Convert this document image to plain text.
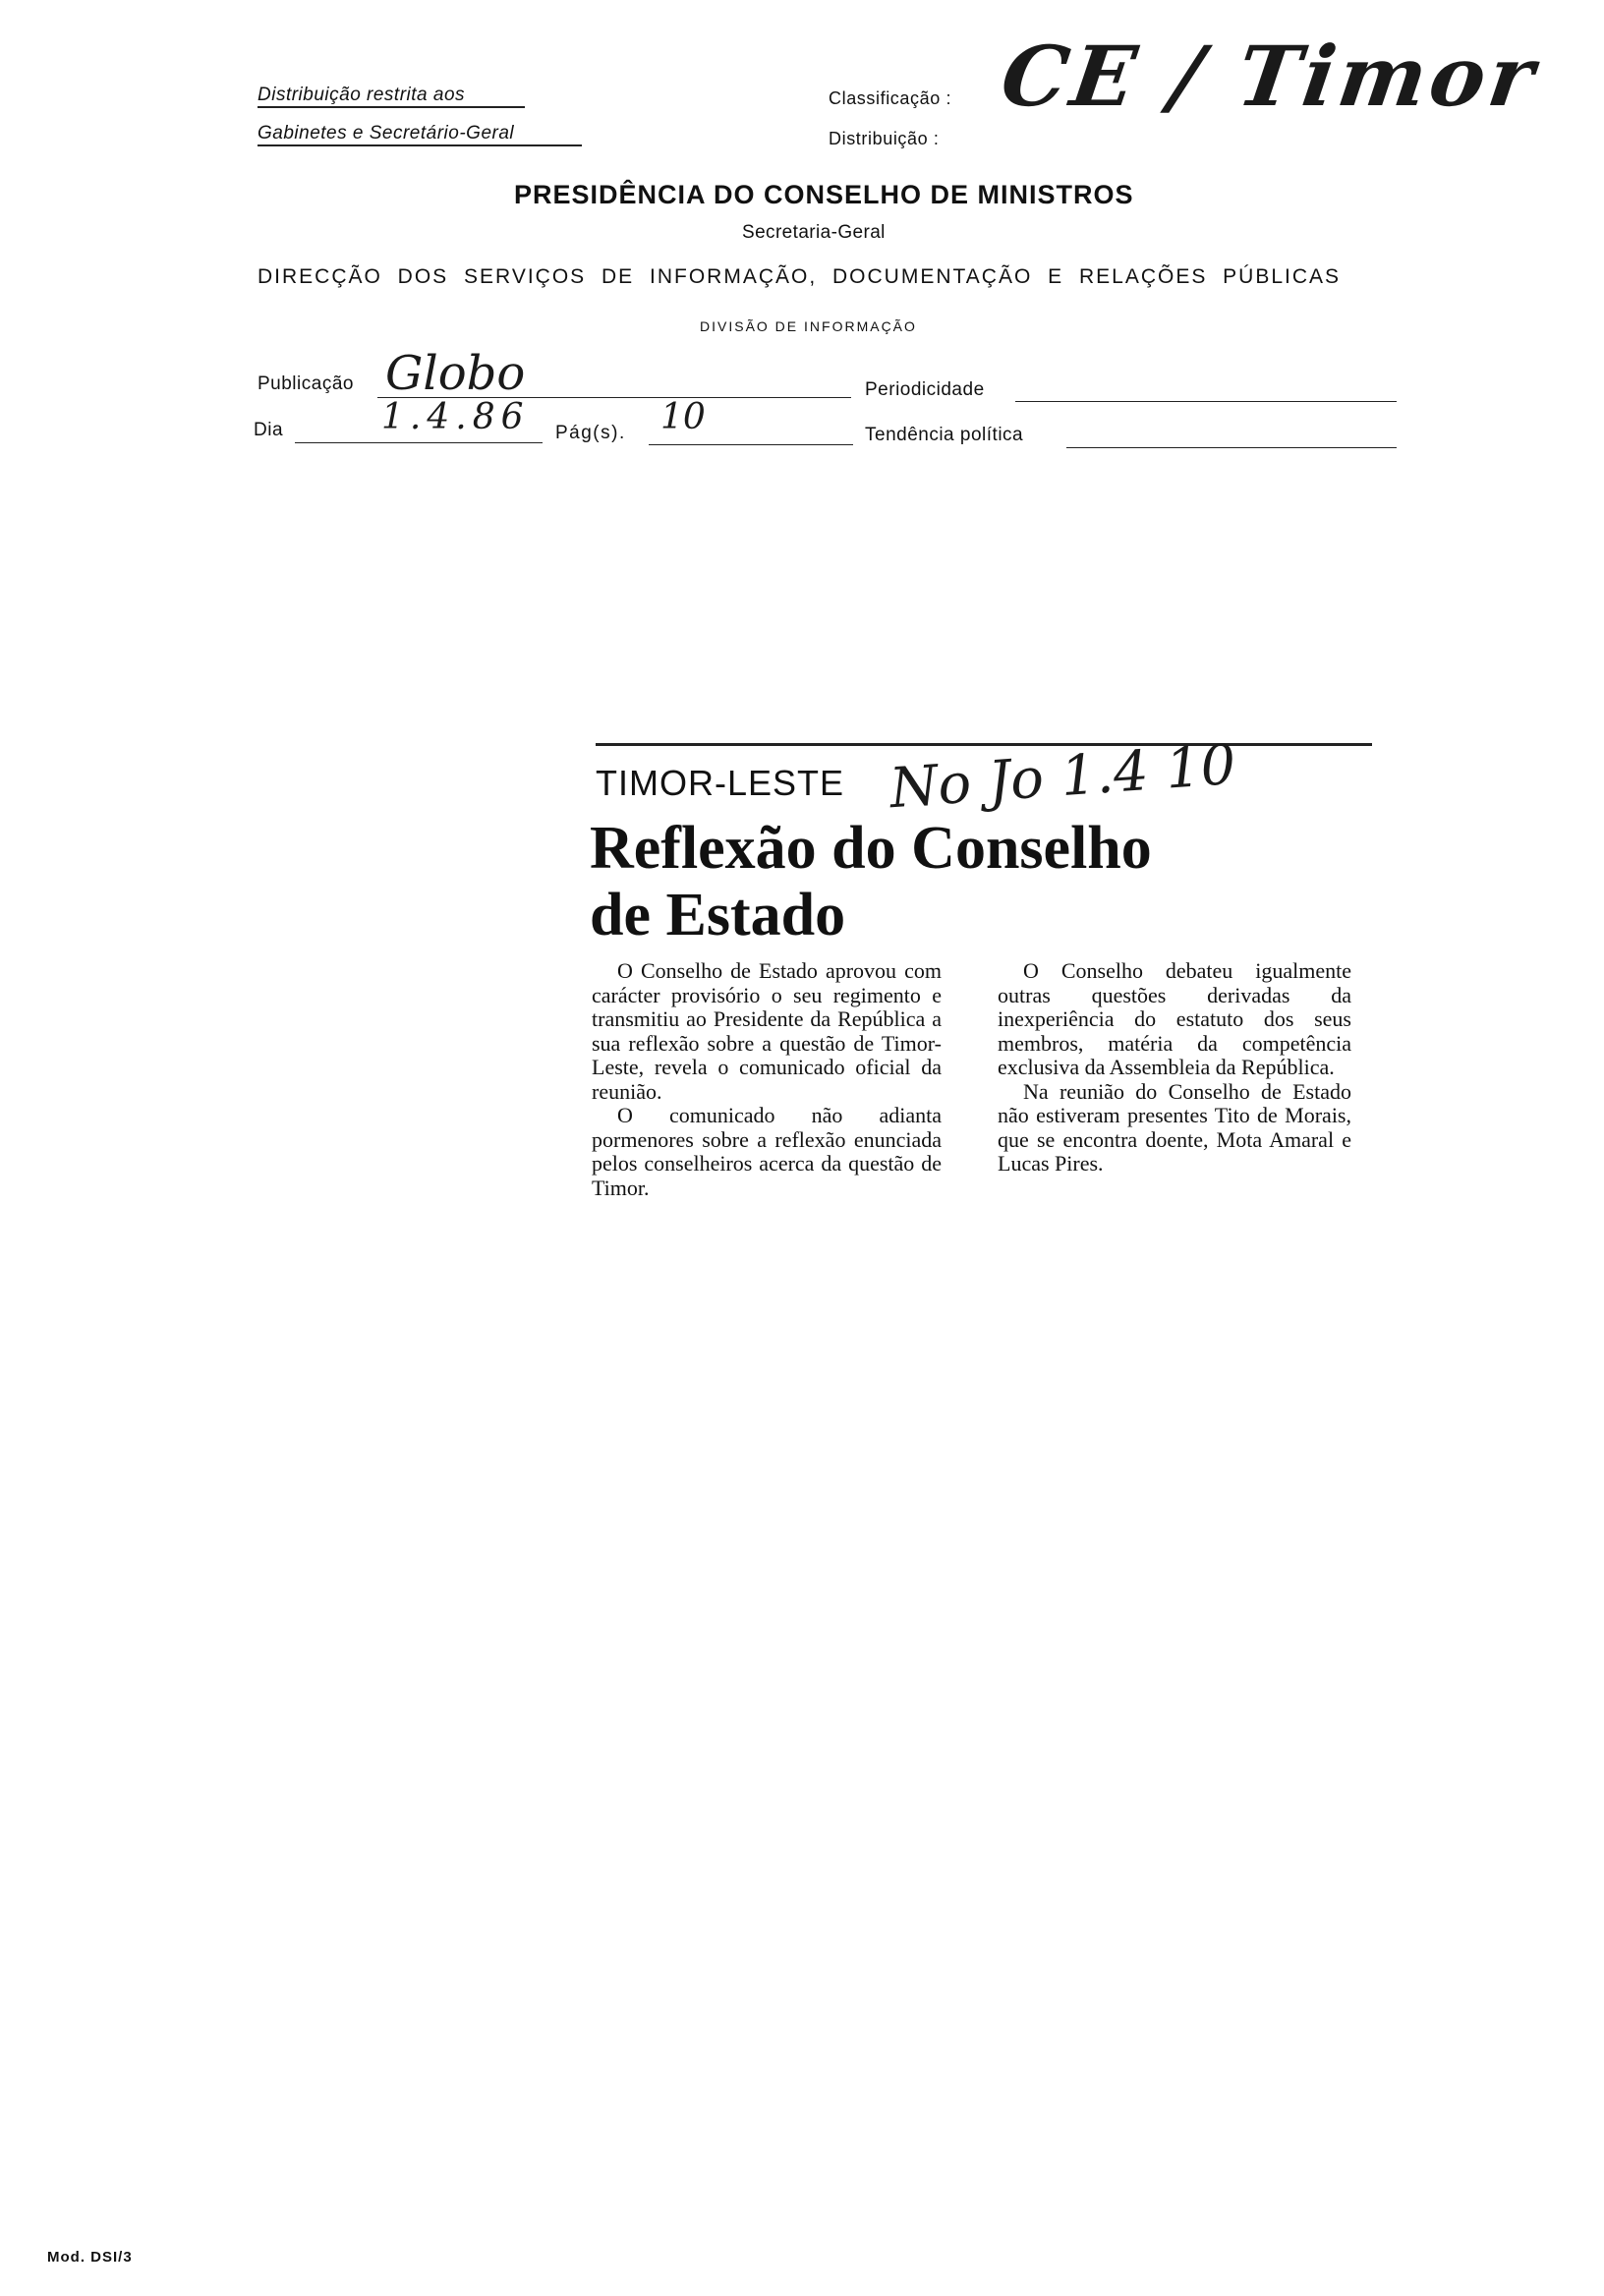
Distribuição restrita aos
Gabinetes e Secretário-Geral
Classificação :
Distribuição :
CE / Timor
PRESIDÊNCIA DO CONSELHO DE MINISTROS
Secretaria-Geral
DIRECÇÃO DOS SERVIÇOS DE INFORMAÇÃO, DOCUMENTAÇÃO E RELAÇÕES PÚBLICAS
DIVISÃO DE INFORMAÇÃO
Publicação Globo	Periodicidade
Dia	1.4.86 Pág(s). 10	Tendência política
TIMOR-LESTE No Jo 1.4 10
Reflexão do Conselho
de Estado

O Conselho de Estado aprovou com carácter provisório o seu regimento e transmitiu ao Presidente da República a sua reflexão sobre a questão de Timor-Leste, revela o comunicado oficial da reunião.

O comunicado não adianta pormenores sobre a reflexão enunciada pelos conselheiros acerca da questão de Timor.

O Conselho debateu igualmente outras questões derivadas da inexperiência do estatuto dos seus membros, matéria da competência exclusiva da Assembleia da República.

Na reunião do Conselho de Estado não estiveram presentes Tito de Morais, que se encontra doente, Mota Amaral e Lucas Pires.

Mod. DSI/3
